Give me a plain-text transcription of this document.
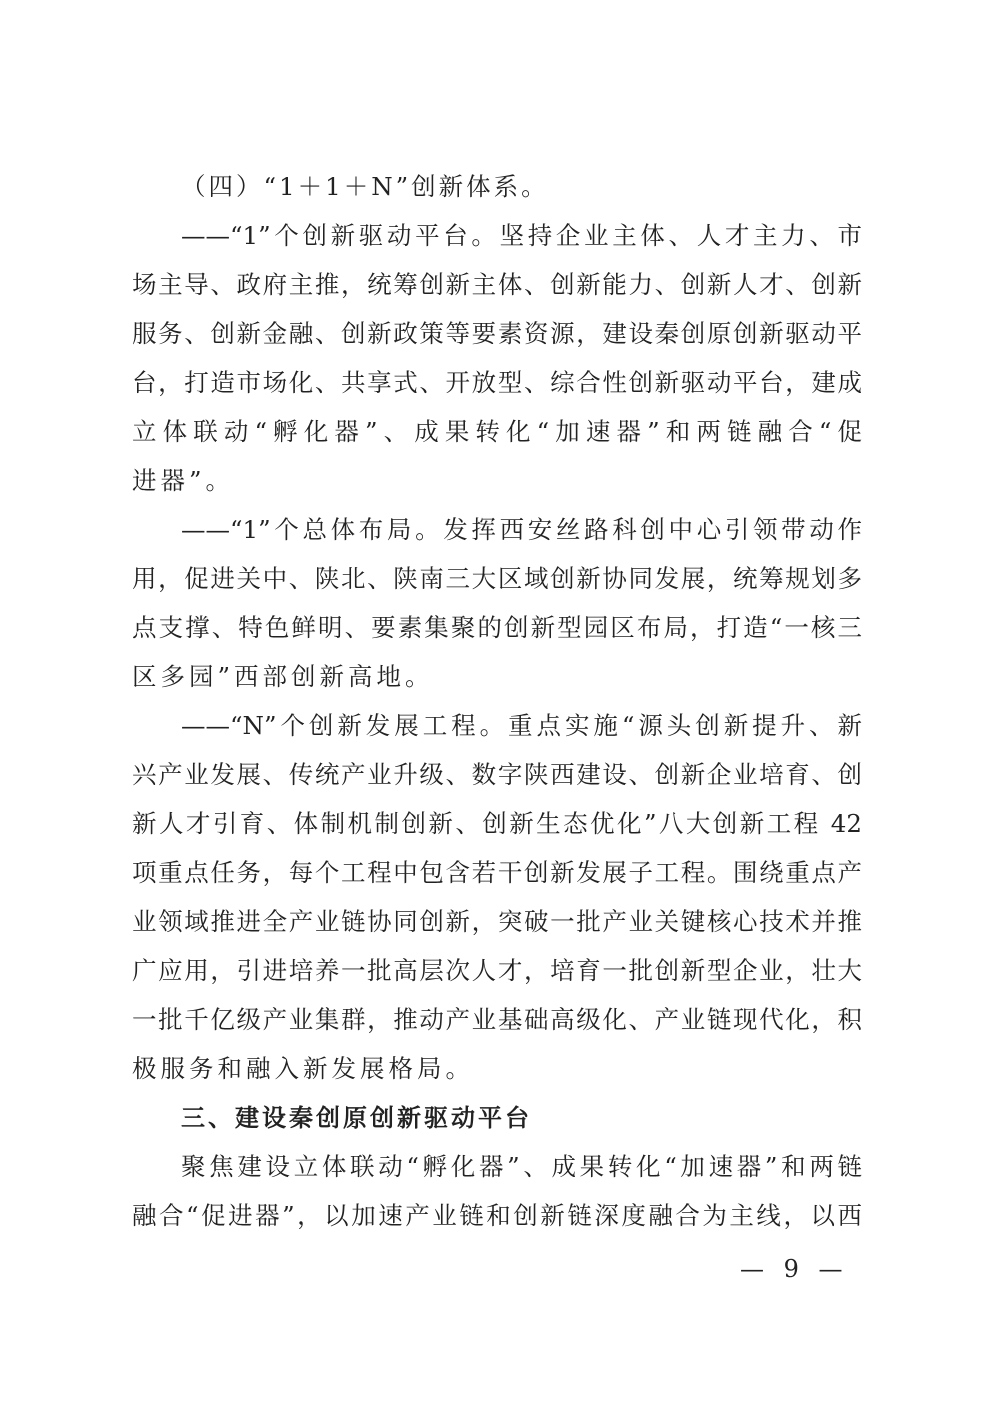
（四）“1＋1＋N”创新体系。
——“1”个创新驱动平台。坚持企业主体、人才主力、市
场主导、政府主推，统筹创新主体、创新能力、创新人才、创新
服务、创新金融、创新政策等要素资源，建设秦创原创新驱动平
台，打造市场化、共享式、开放型、综合性创新驱动平台，建成
立体联动“孵化器”、成果转化“加速器”和两链融合“促
进器”。
——“1”个总体布局。发挥西安丝路科创中心引领带动作
用，促进关中、陕北、陕南三大区域创新协同发展，统筹规划多
点支撑、特色鲜明、要素集聚的创新型园区布局，打造“一核三
区多园”西部创新高地。
——“N”个创新发展工程。重点实施“源头创新提升、新
兴产业发展、传统产业升级、数字陕西建设、创新企业培育、创
新人才引育、体制机制创新、创新生态优化”八大创新工程 42
项重点任务，每个工程中包含若干创新发展子工程。围绕重点产
业领域推进全产业链协同创新，突破一批产业关键核心技术并推
广应用，引进培养一批高层次人才，培育一批创新型企业，壮大
一批千亿级产业集群，推动产业基础高级化、产业链现代化，积
极服务和融入新发展格局。
三、建设秦创原创新驱动平台
聚焦建设立体联动“孵化器”、成果转化“加速器”和两链
融合“促进器”，以加速产业链和创新链深度融合为主线，以西
— 9 —
